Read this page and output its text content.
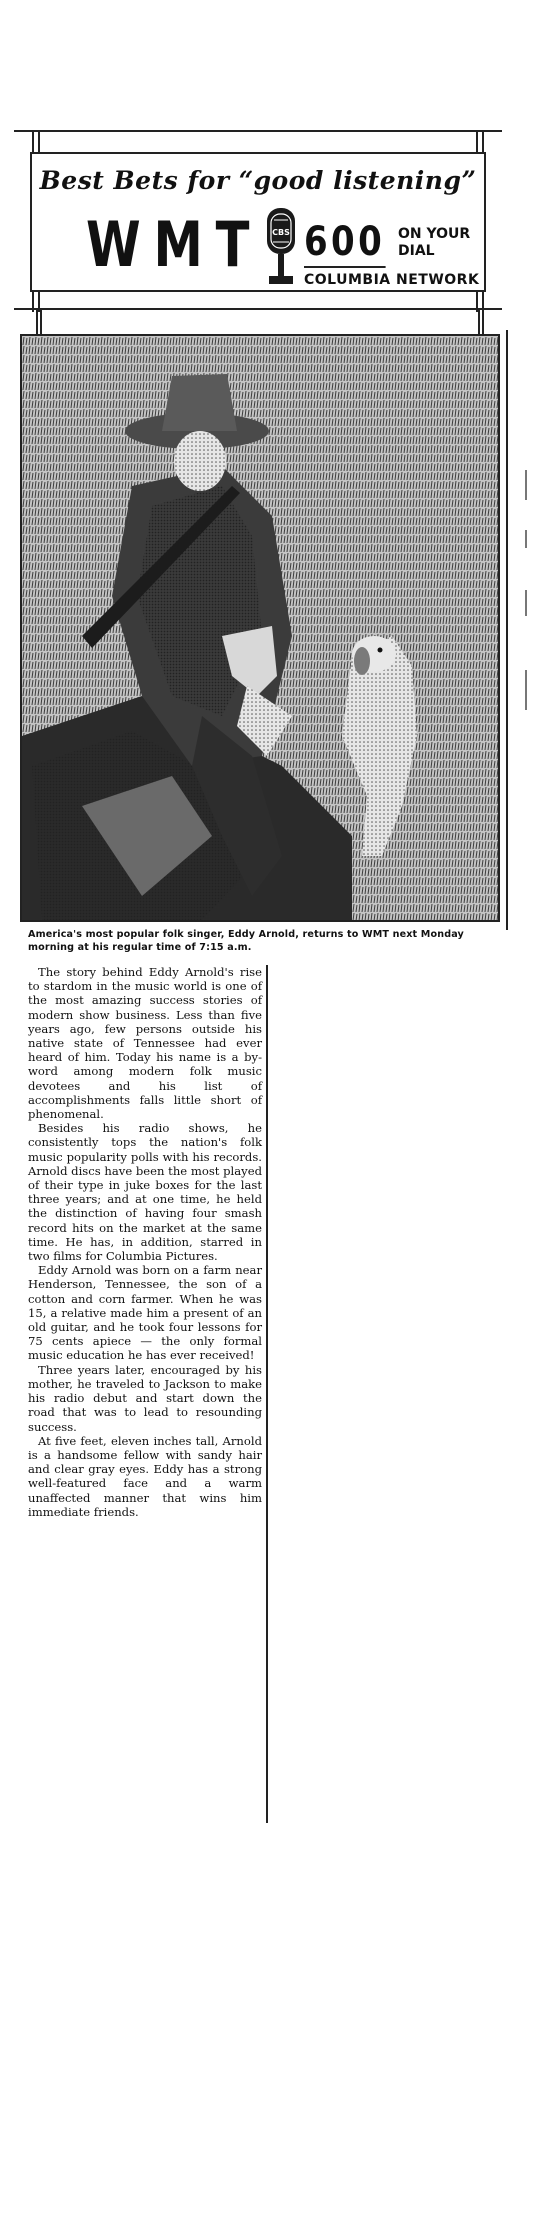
Best Bets for “good listening”
WMT CBS 600 ON YOUR
DIAL
COLUMBIA NETWORK
America's most popular folk singer, Eddy Arnold, returns to WMT next Monday morning at his regular time of 7:15 a.m.

The story behind Eddy Arnold's rise to stardom in the music world is one of the most amazing success stories of modern show business. Less than five years ago, few persons outside his native state of Tennessee had ever heard of him. Today his name is a by-word among modern folk music devotees and his list of accomplishments falls little short of phenomenal.

Besides his radio shows, he consistently tops the nation's folk music popularity polls with his records. Arnold discs have been the most played of their type in juke boxes for the last three years; and at one time, he held the distinction of having four smash record hits on the market at the same time. He has, in addition, starred in two films for Columbia Pictures.

Eddy Arnold was born on a farm near Henderson, Tennessee, the son of a cotton and corn farmer. When he was 15, a relative made him a present of an old guitar, and he took four lessons for 75 cents apiece — the only formal music education he has ever received!

Three years later, encouraged by his mother, he traveled to Jackson to make his radio debut and start down the road that was to lead to resounding success.

At five feet, eleven inches tall, Arnold is a handsome fellow with sandy hair and clear gray eyes. Eddy has a strong well-featured face and a warm unaffected manner that wins him immediate friends.
